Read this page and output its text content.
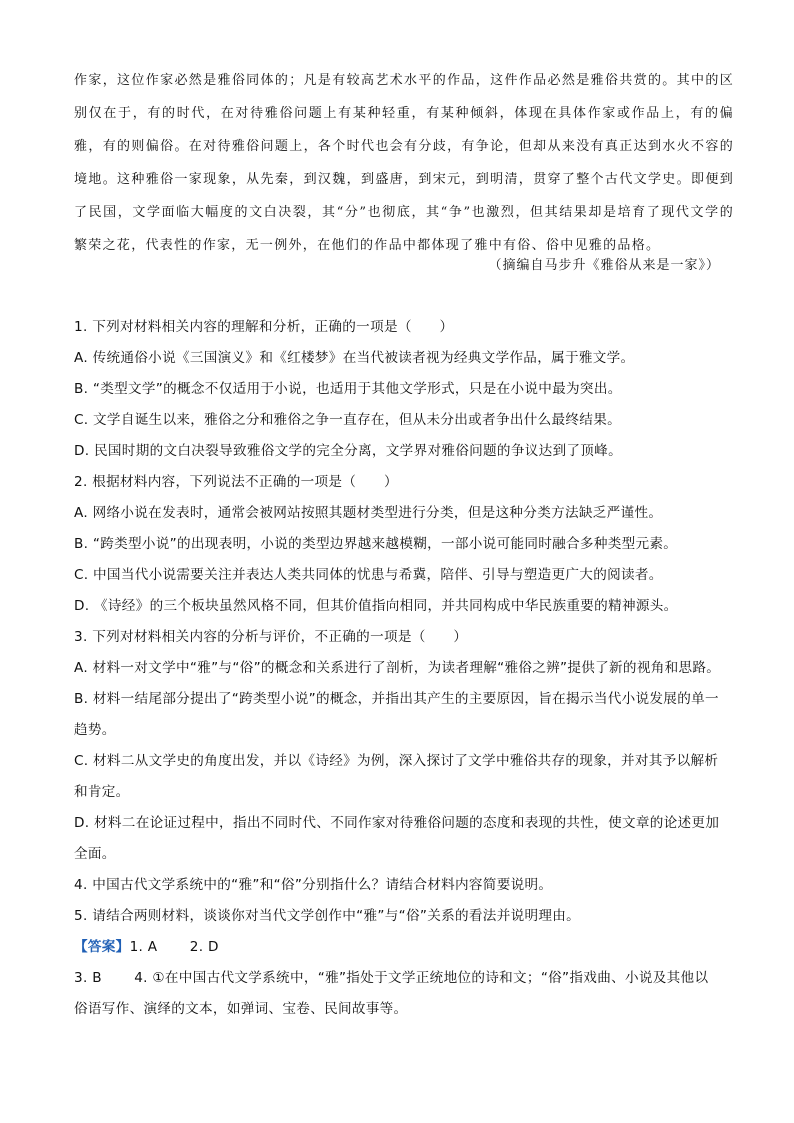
作家，这位作家必然是雅俗同体的；凡是有较高艺术水平的作品，这件作品必然是雅俗共赏的。其中的区别仅在于，有的时代，在对待雅俗问题上有某种轻重，有某种倾斜，体现在具体作家或作品上，有的偏雅，有的则偏俗。在对待雅俗问题上，各个时代也会有分歧，有争论，但却从来没有真正达到水火不容的境地。这种雅俗一家现象，从先秦，到汉魏，到盛唐，到宋元，到明清，贯穿了整个古代文学史。即便到了民国，文学面临大幅度的文白决裂，其“分”也彻底，其“争”也激烈，但其结果却是培育了现代文学的繁荣之花，代表性的作家，无一例外，在他们的作品中都体现了雅中有俗、俗中见雅的品格。

（摘编自马步升《雅俗从来是一家》）
1. 下列对材料相关内容的理解和分析，正确的一项是（　　）
A. 传统通俗小说《三国演义》和《红楼梦》在当代被读者视为经典文学作品，属于雅文学。
B. “类型文学”的概念不仅适用于小说，也适用于其他文学形式，只是在小说中最为突出。
C. 文学自诞生以来，雅俗之分和雅俗之争一直存在，但从未分出或者争出什么最终结果。
D. 民国时期的文白决裂导致雅俗文学的完全分离，文学界对雅俗问题的争议达到了顶峰。
2. 根据材料内容，下列说法不正确的一项是（　　）
A. 网络小说在发表时，通常会被网站按照其题材类型进行分类，但是这种分类方法缺乏严谨性。
B. “跨类型小说”的出现表明，小说的类型边界越来越模糊，一部小说可能同时融合多种类型元素。
C. 中国当代小说需要关注并表达人类共同体的忧患与希冀，陪伴、引导与塑造更广大的阅读者。
D. 《诗经》的三个板块虽然风格不同，但其价值指向相同，并共同构成中华民族重要的精神源头。
3. 下列对材料相关内容的分析与评价，不正确的一项是（　　）
A. 材料一对文学中“雅”与“俗”的概念和关系进行了剖析，为读者理解“雅俗之辨”提供了新的视角和思路。
B. 材料一结尾部分提出了“跨类型小说”的概念，并指出其产生的主要原因，旨在揭示当代小说发展的单一趋势。
C. 材料二从文学史的角度出发，并以《诗经》为例，深入探讨了文学中雅俗共存的现象，并对其予以解析和肯定。
D. 材料二在论证过程中，指出不同时代、不同作家对待雅俗问题的态度和表现的共性，使文章的论述更加全面。
4. 中国古代文学系统中的“雅”和“俗”分别指什么？请结合材料内容简要说明。
5. 请结合两则材料，谈谈你对当代文学创作中“雅”与“俗”关系的看法并说明理由。
【答案】1. A　　 2. D
3. B　　 4. ①在中国古代文学系统中，“雅”指处于文学正统地位的诗和文；“俗”指戏曲、小说及其他以
俗语写作、演绎的文本，如弹词、宝卷、民间故事等。
